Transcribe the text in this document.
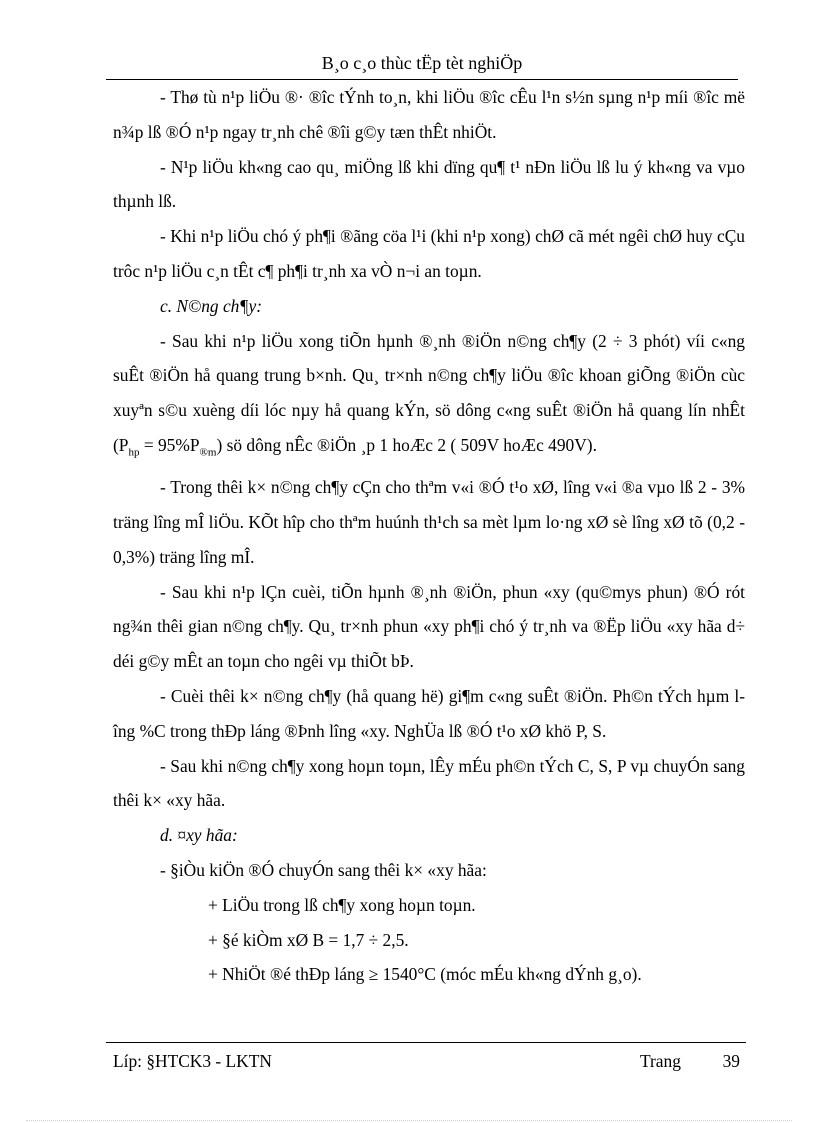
B¸o c¸o thùc tËp tèt nghiÖp

- Thø tù n¹p liÖu ®· ®îc tÝnh to¸n, khi liÖu ®îc cÊu l¹n s½n sµng n¹p míi ®îc më n¾p lß ®Ó n¹p ngay tr¸nh chê ®îi g©y tæn thÊt nhiÖt.

- N¹p liÖu kh«ng cao qu¸ miÖng lß khi dïng qu¶ t¹ nÐn liÖu lß lu ý kh«ng va vµo thµnh lß.

- Khi n¹p liÖu chó ý ph¶i ®ãng cöa l¹i (khi n¹p xong) chØ cã mét ngêi chØ huy cÇu trôc n¹p liÖu c¸n tÊt c¶ ph¶i tr¸nh xa vÒ n¬i an toµn.

c. N©ng ch¶y:

- Sau khi n¹p liÖu xong tiÕn hµnh ®¸nh ®iÖn n©ng ch¶y (2 ÷ 3 phót) víi c«ng suÊt ®iÖn hå quang trung b×nh. Qu¸ tr×nh n©ng ch¶y liÖu ®îc khoan giÕng ®iÖn cùc xuyªn s©u xuèng díi lóc nµy hå quang kÝn, sö dông c«ng suÊt ®iÖn hå quang lín nhÊt $(P_{hp} = 95\%P_{®m})$ sö dông nÊc ®iÖn ¸p 1 hoÆc 2 ( 509V hoÆc 490V).

- Trong thêi k× n©ng ch¶y cÇn cho thªm v«i ®Ó t¹o xØ, lîng v«i ®a vµo lß 2 - 3% träng lîng mÎ liÖu. KÕt hîp cho thªm huúnh th¹ch sa mèt lµm lo·ng xØ sè lîng xØ tõ (0,2 - 0,3%) träng lîng mÎ.

- Sau khi n¹p lÇn cuèi, tiÕn hµnh ®¸nh ®iÖn, phun «xy (qu©mys phun) ®Ó rót ng¾n thêi gian n©ng ch¶y. Qu¸ tr×nh phun «xy ph¶i chó ý tr¸nh va ®Ëp liÖu «xy hãa d÷ déi g©y mÊt an toµn cho ngêi vµ thiÕt bÞ.

- Cuèi thêi k× n©ng ch¶y (hå quang hë) gi¶m c«ng suÊt ®iÖn. Ph©n tÝch hµm lîng %C trong thÐp láng ®Þnh lîng «xy. NghÜa lß ®Ó t¹o xØ khö P, S.

- Sau khi n©ng ch¶y xong hoµn toµn, lÊy mÉu ph©n tÝch C, S, P vµ chuyÓn sang thêi k× «xy hãa.

d. ¤xy hãa:

- §iÒu kiÖn ®Ó chuyÓn sang thêi k× «xy hãa:

+ LiÖu trong lß ch¶y xong hoµn toµn.

+ §é kiÒm xØ B = 1,7 ÷ 2,5.

+ NhiÖt ®é thÐp láng ≥ 1540°C (móc mÉu kh«ng dÝnh g¸o).

Líp: §HTCK3 - LKTN	Trang 39
